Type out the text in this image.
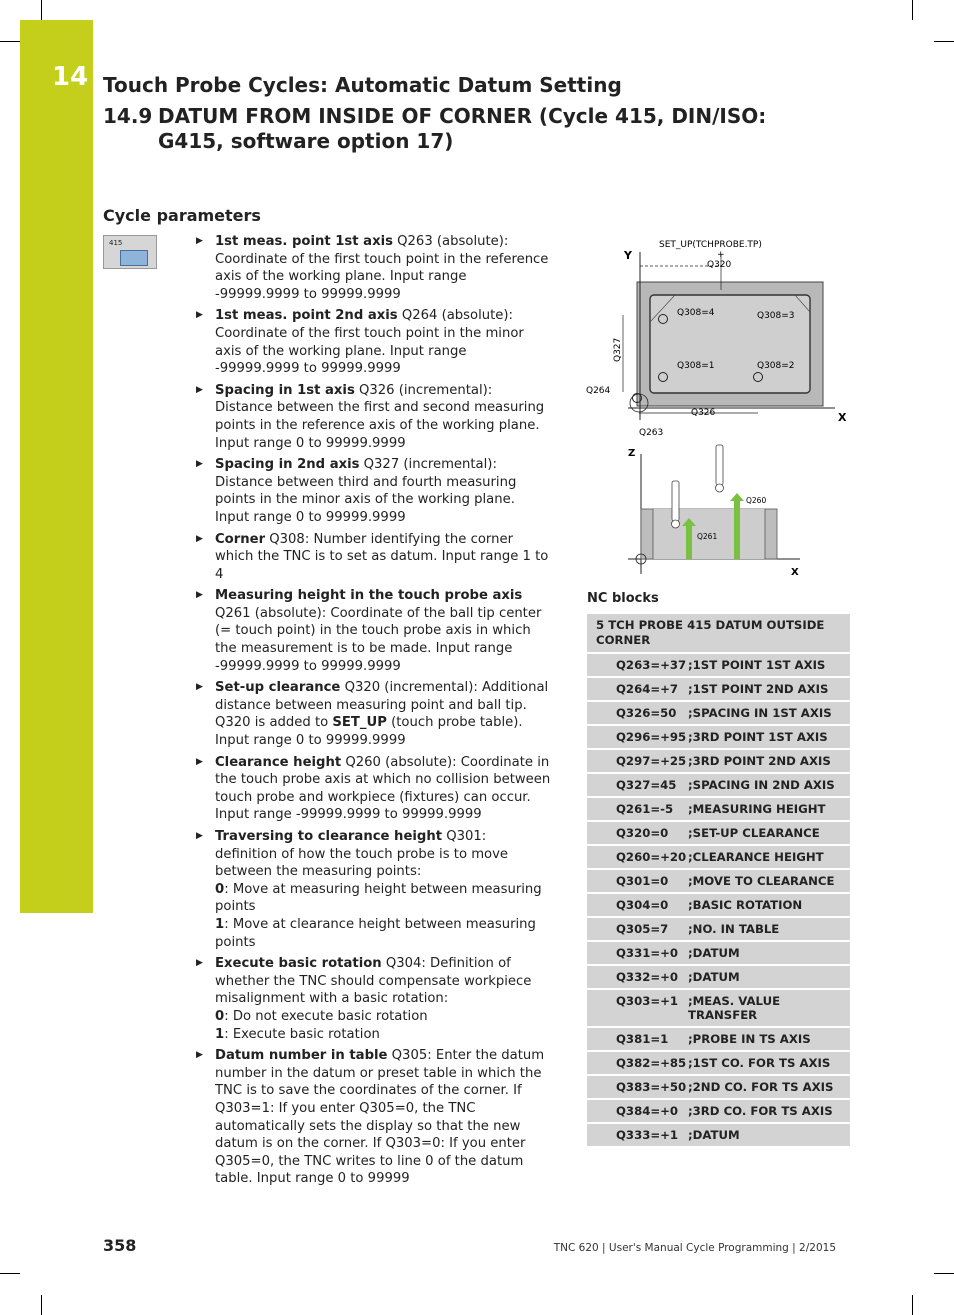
14 Touch Probe Cycles: Automatic Datum Setting
14.9 DATUM FROM INSIDE OF CORNER (Cycle 415, DIN/ISO: G415, software option 17)
Cycle parameters
415	▶ 1st meas. point 1st axis Q263 (absolute): Coordinate of the first touch point in the reference axis of the working plane. Input range -99999.9999 to 99999.9999
▶ 1st meas. point 2nd axis Q264 (absolute): Coordinate of the first touch point in the minor axis of the working plane. Input range -99999.9999 to 99999.9999
▶ Spacing in 1st axis Q326 (incremental): Distance between the first and second measuring points in the reference axis of the working plane. Input range 0 to 99999.9999
▶ Spacing in 2nd axis Q327 (incremental): Distance between third and fourth measuring points in the minor axis of the working plane. Input range 0 to 99999.9999
▶ Corner Q308: Number identifying the corner which the TNC is to set as datum. Input range 1 to 4
▶ Measuring height in the touch probe axis Q261 (absolute): Coordinate of the ball tip center (= touch point) in the touch probe axis in which the measurement is to be made. Input range -99999.9999 to 99999.9999
▶ Set-up clearance Q320 (incremental): Additional distance between measuring point and ball tip. Q320 is added to SET_UP (touch probe table). Input range 0 to 99999.9999
▶ Clearance height Q260 (absolute): Coordinate in the touch probe axis at which no collision between touch probe and workpiece (fixtures) can occur. Input range -99999.9999 to 99999.9999
▶ Traversing to clearance height Q301: definition of how the touch probe is to move between the measuring points:
0: Move at measuring height between measuring points
1: Move at clearance height between measuring points
▶ Execute basic rotation Q304: Definition of whether the TNC should compensate workpiece misalignment with a basic rotation:
0: Do not execute basic rotation
1: Execute basic rotation
▶ Datum number in table Q305: Enter the datum number in the datum or preset table in which the TNC is to save the coordinates of the corner. If Q303=1: If you enter Q305=0, the TNC automatically sets the display so that the new datum is on the corner. If Q303=0: If you enter Q305=0, the TNC writes to line 0 of the datum table. Input range 0 to 99999
Y
X
SET_UP(TCHPROBE.TP)
+
Q320
Q308=4	Q308=3
Q308=1	Q308=2
Q327
Q264
Q326
Q263
Z
X
Q260
Q261
NC blocks
5 TCH PROBE 415 DATUM OUTSIDE CORNER
Q263=+37 ;1ST POINT 1ST AXIS
Q264=+7 ;1ST POINT 2ND AXIS
Q326=50 ;SPACING IN 1ST AXIS
Q296=+95 ;3RD POINT 1ST AXIS
Q297=+25 ;3RD POINT 2ND AXIS
Q327=45 ;SPACING IN 2ND AXIS
Q261=-5	;MEASURING HEIGHT
Q320=0	;SET-UP CLEARANCE
Q260=+20 ;CLEARANCE HEIGHT
Q301=0	;MOVE TO CLEARANCE
Q304=0	;BASIC ROTATION
Q305=7	;NO. IN TABLE
Q331=+0 ;DATUM
Q332=+0 ;DATUM
Q303=+1 ;MEAS. VALUE TRANSFER
Q381=1	;PROBE IN TS AXIS
Q382=+85 ;1ST CO. FOR TS AXIS
Q383=+50 ;2ND CO. FOR TS AXIS
Q384=+0 ;3RD CO. FOR TS AXIS
Q333=+1 ;DATUM
358	TNC 620 | User's Manual Cycle Programming | 2/2015
